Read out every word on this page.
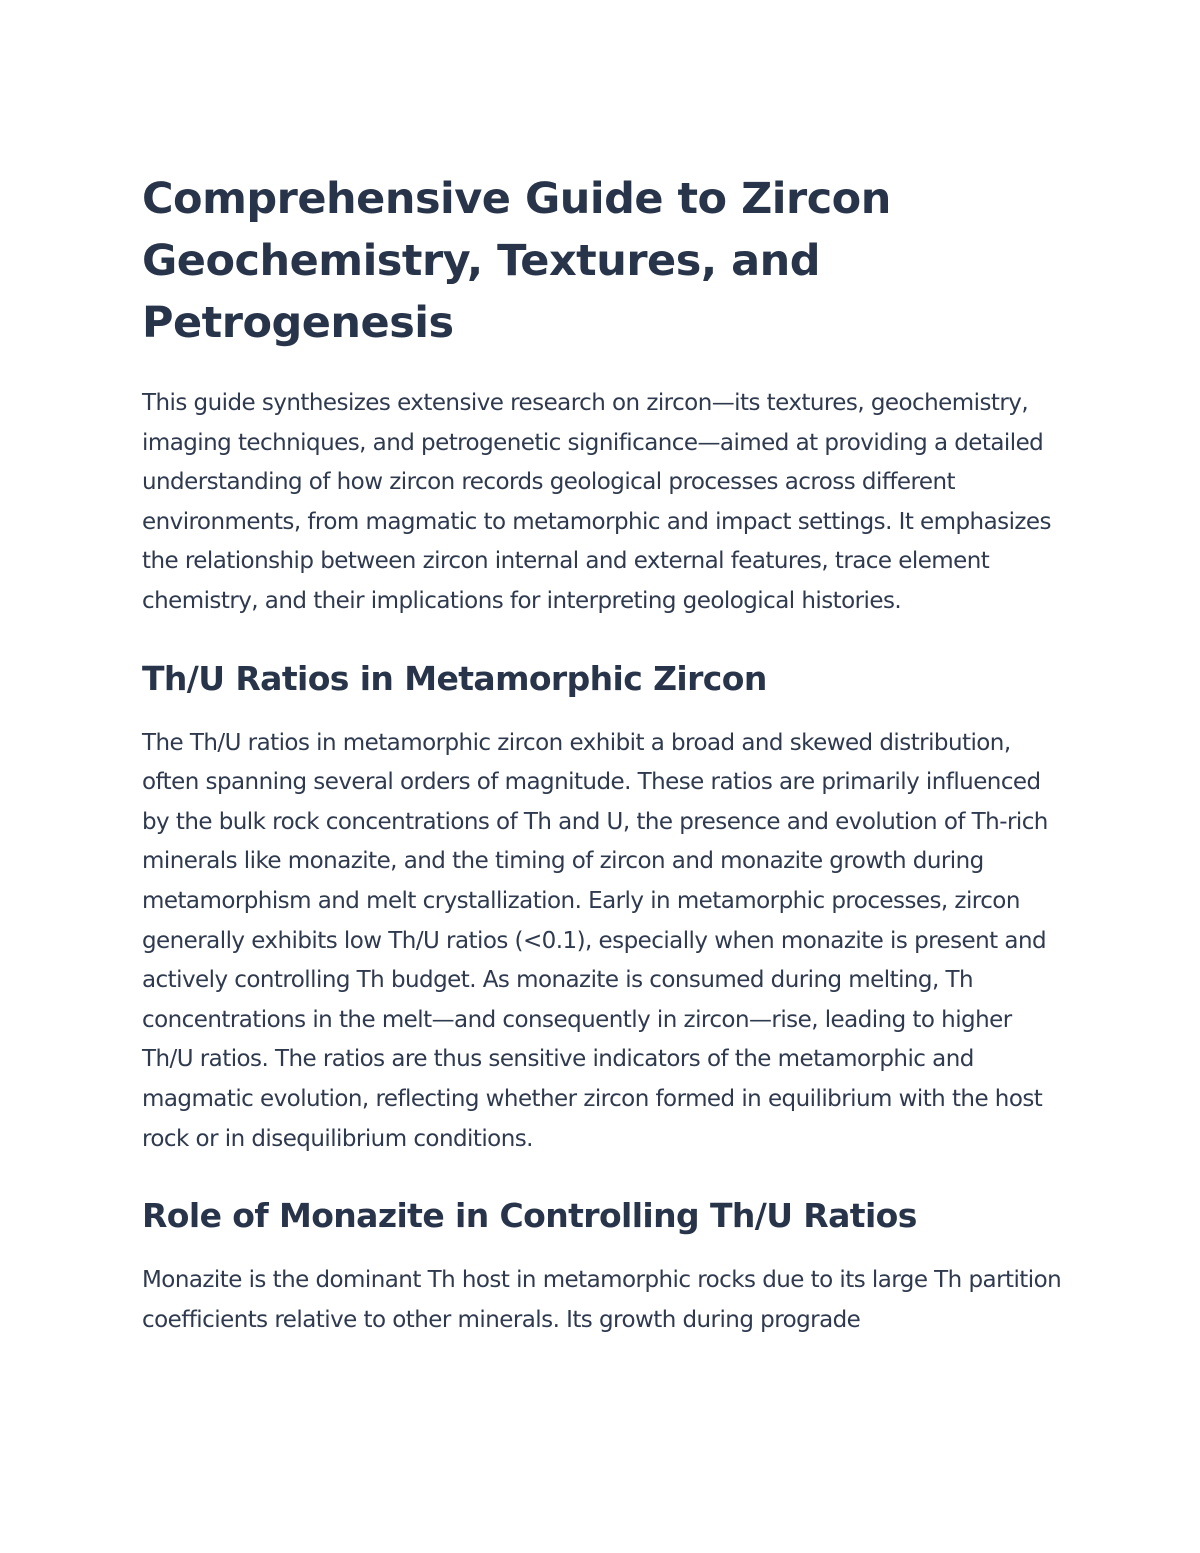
Comprehensive Guide to Zircon Geochemistry, Textures, and Petrogenesis

This guide synthesizes extensive research on zircon—its textures, geochemistry, imaging techniques, and petrogenetic significance—aimed at providing a detailed understanding of how zircon records geological processes across different environments, from magmatic to metamorphic and impact settings. It emphasizes the relationship between zircon internal and external features, trace element chemistry, and their implications for interpreting geological histories.

Th/U Ratios in Metamorphic Zircon

The Th/U ratios in metamorphic zircon exhibit a broad and skewed distribution, often spanning several orders of magnitude. These ratios are primarily influenced by the bulk rock concentrations of Th and U, the presence and evolution of Th-rich minerals like monazite, and the timing of zircon and monazite growth during metamorphism and melt crystallization. Early in metamorphic processes, zircon generally exhibits low Th/U ratios (<0.1), especially when monazite is present and actively controlling Th budget. As monazite is consumed during melting, Th concentrations in the melt—and consequently in zircon—rise, leading to higher Th/U ratios. The ratios are thus sensitive indicators of the metamorphic and magmatic evolution, reflecting whether zircon formed in equilibrium with the host rock or in disequilibrium conditions.

Role of Monazite in Controlling Th/U Ratios

Monazite is the dominant Th host in metamorphic rocks due to its large Th partition coefficients relative to other minerals. Its growth during prograde
